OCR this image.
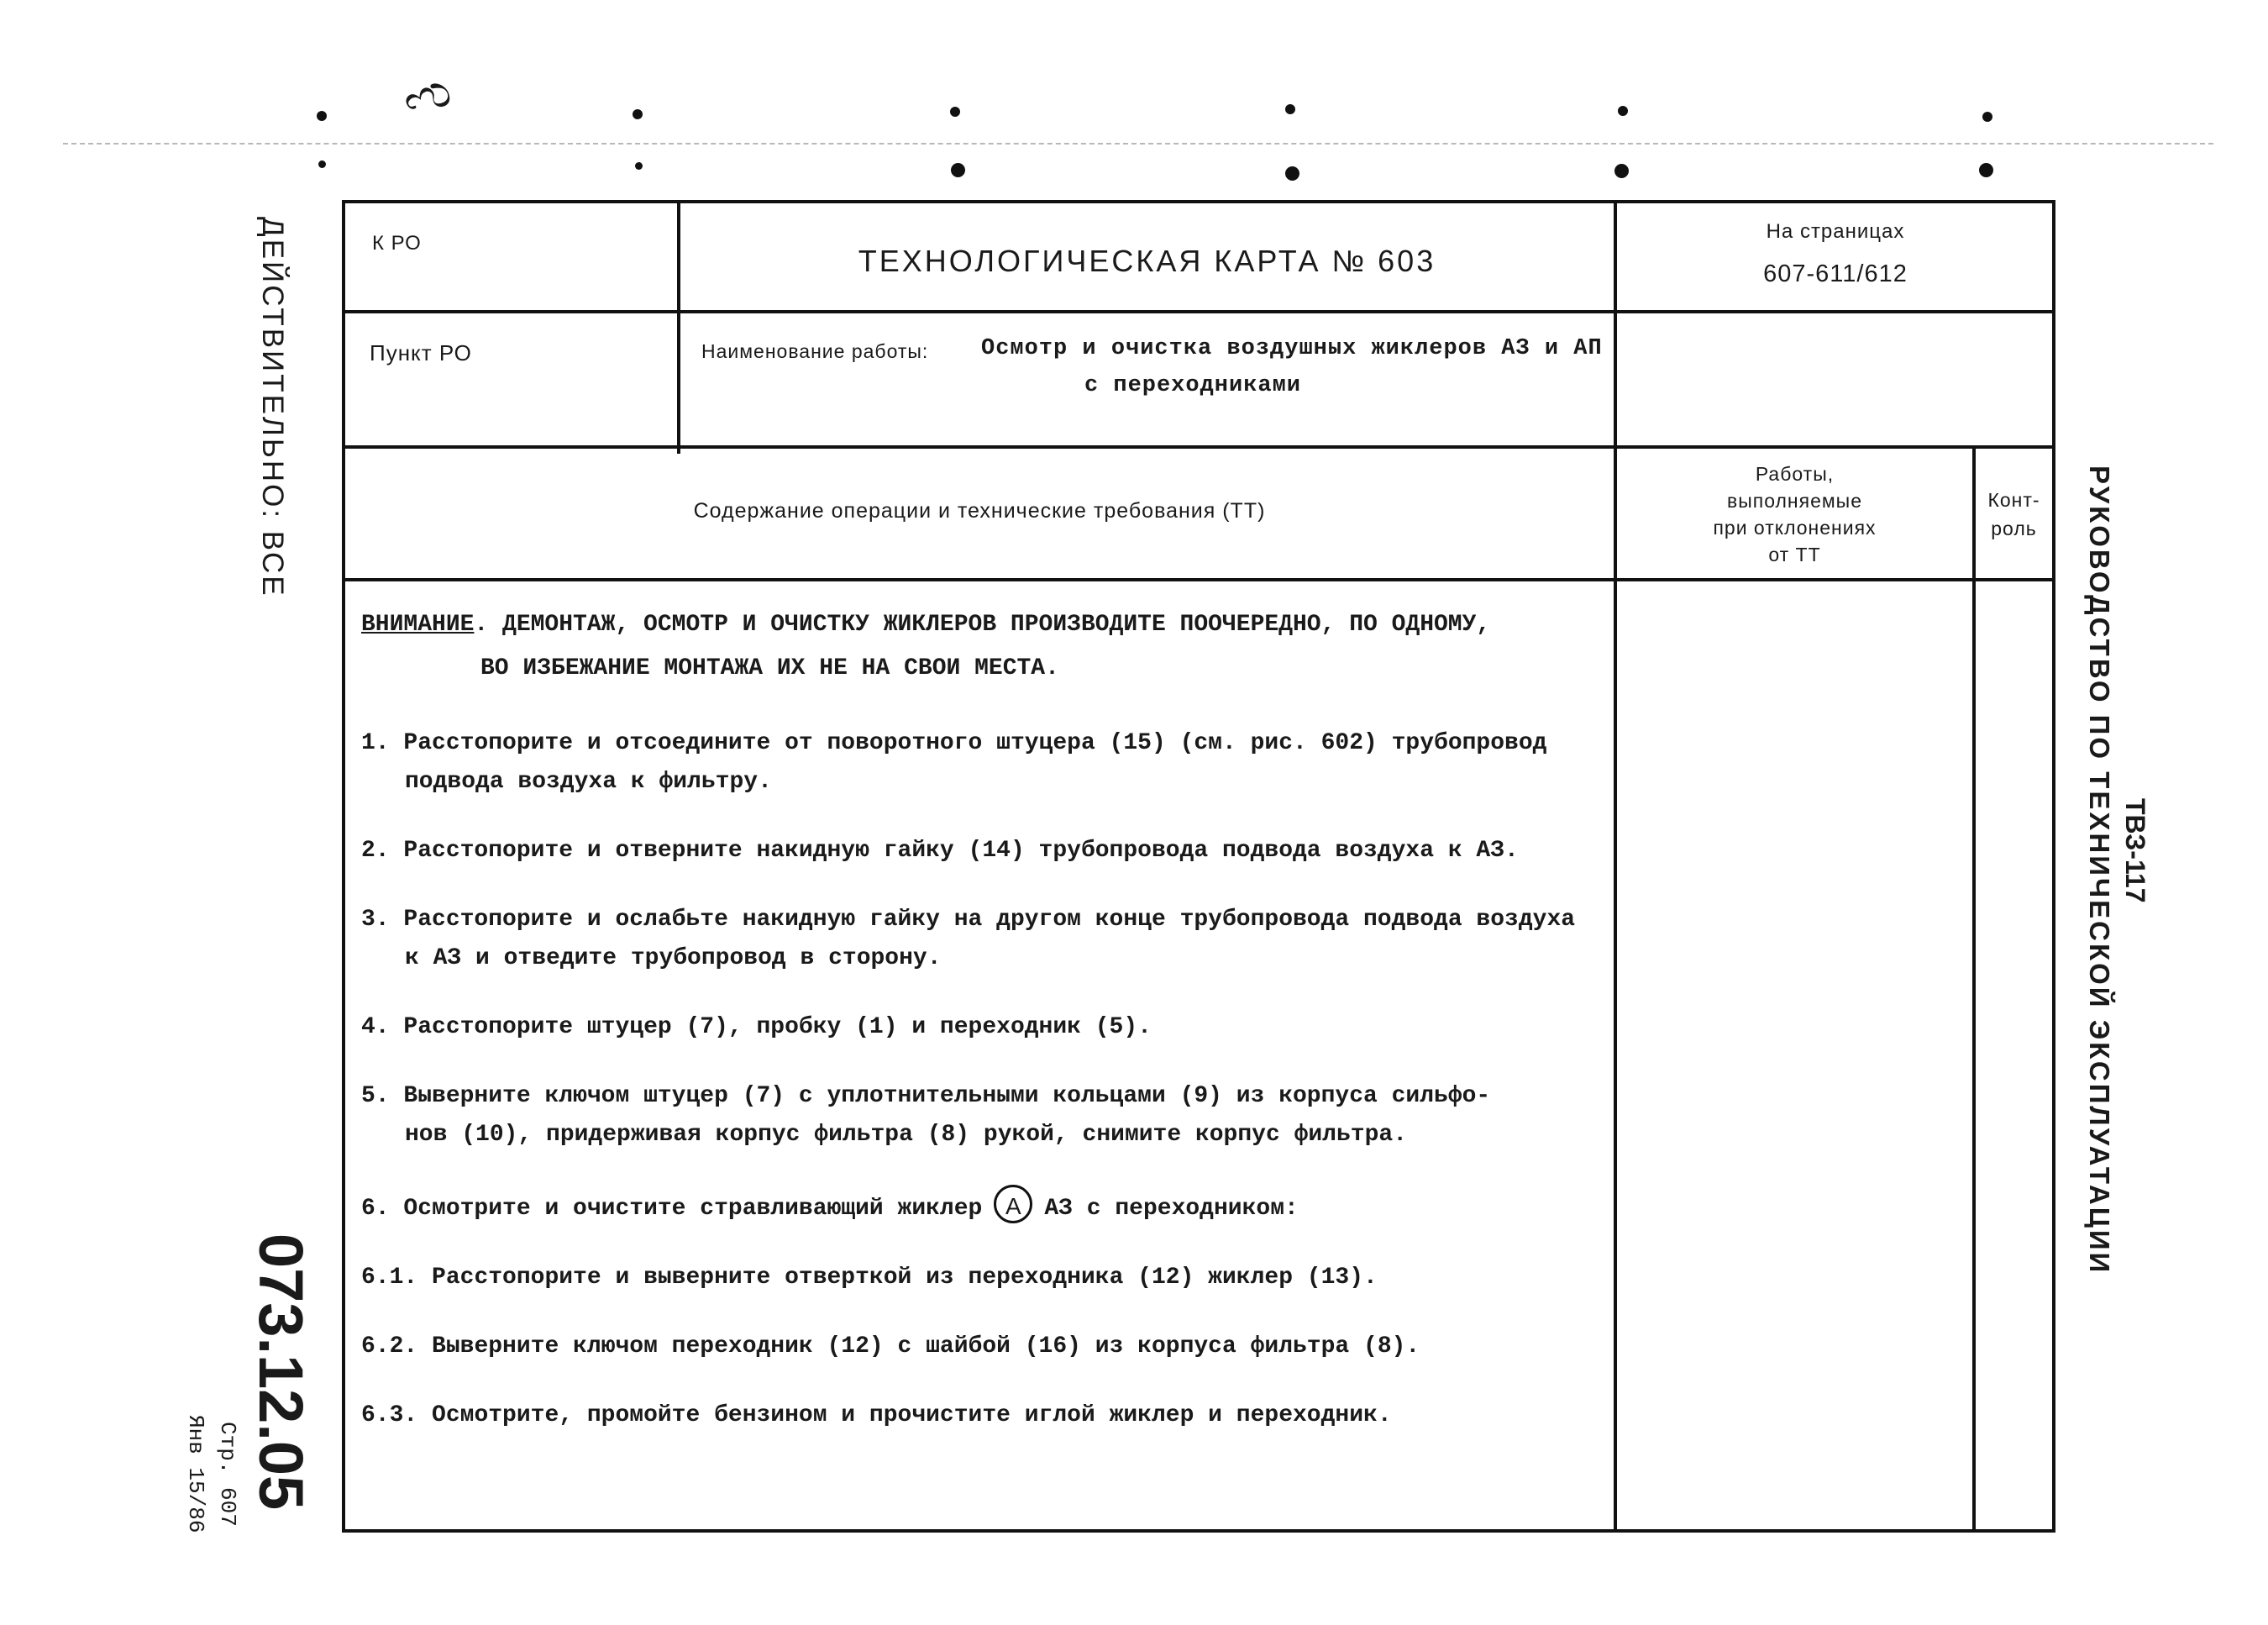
ಌ
К РО
ТЕХНОЛОГИЧЕСКАЯ КАРТА № 603
На страницах
607-611/612
Пункт РО	Наименование работы: Осмотр и очистка воздушных жиклеров АЗ и АП
с переходниками
Содержание операции и технические требования (ТТ)
Работы,
выполняемые
при отклонениях
от ТТ
Конт-
роль
ВНИМАНИЕ. ДЕМОНТАЖ, ОСМОТР И ОЧИСТКУ ЖИКЛЕРОВ ПРОИЗВОДИТЕ ПООЧЕРЕДНО, ПО ОДНОМУ,
ВО ИЗБЕЖАНИЕ МОНТАЖА ИХ НЕ НА СВОИ МЕСТА.
1. Расстопорите и отсоедините от поворотного штуцера (15) (см. рис. 602) трубопровод
подвода воздуха к фильтру.
2. Расстопорите и отверните накидную гайку (14) трубопровода подвода воздуха к АЗ.
3. Расстопорите и ослабьте накидную гайку на другом конце трубопровода подвода воздуха
к АЗ и отведите трубопровод в сторону.
4. Расстопорите штуцер (7), пробку (1) и переходник (5).
5. Выверните ключом штуцер (7) с уплотнительными кольцами (9) из корпуса сильфо-
нов (10), придерживая корпус фильтра (8) рукой, снимите корпус фильтра.
6. Осмотрите и очистите стравливающий жиклер A АЗ с переходником:
6.1. Расстопорите и выверните отверткой из переходника (12) жиклер (13).
6.2. Выверните ключом переходник (12) с шайбой (16) из корпуса фильтра (8).
6.3. Осмотрите, промойте бензином и прочистите иглой жиклер и переходник.
ДЕЙСТВИТЕЛЬНО: ВСЕ
073.12.05
Стр. 607
Янв 15/86
ТВЗ-117
РУКОВОДСТВО ПО ТЕХНИЧЕСКОЙ ЭКСПЛУАТАЦИИ
